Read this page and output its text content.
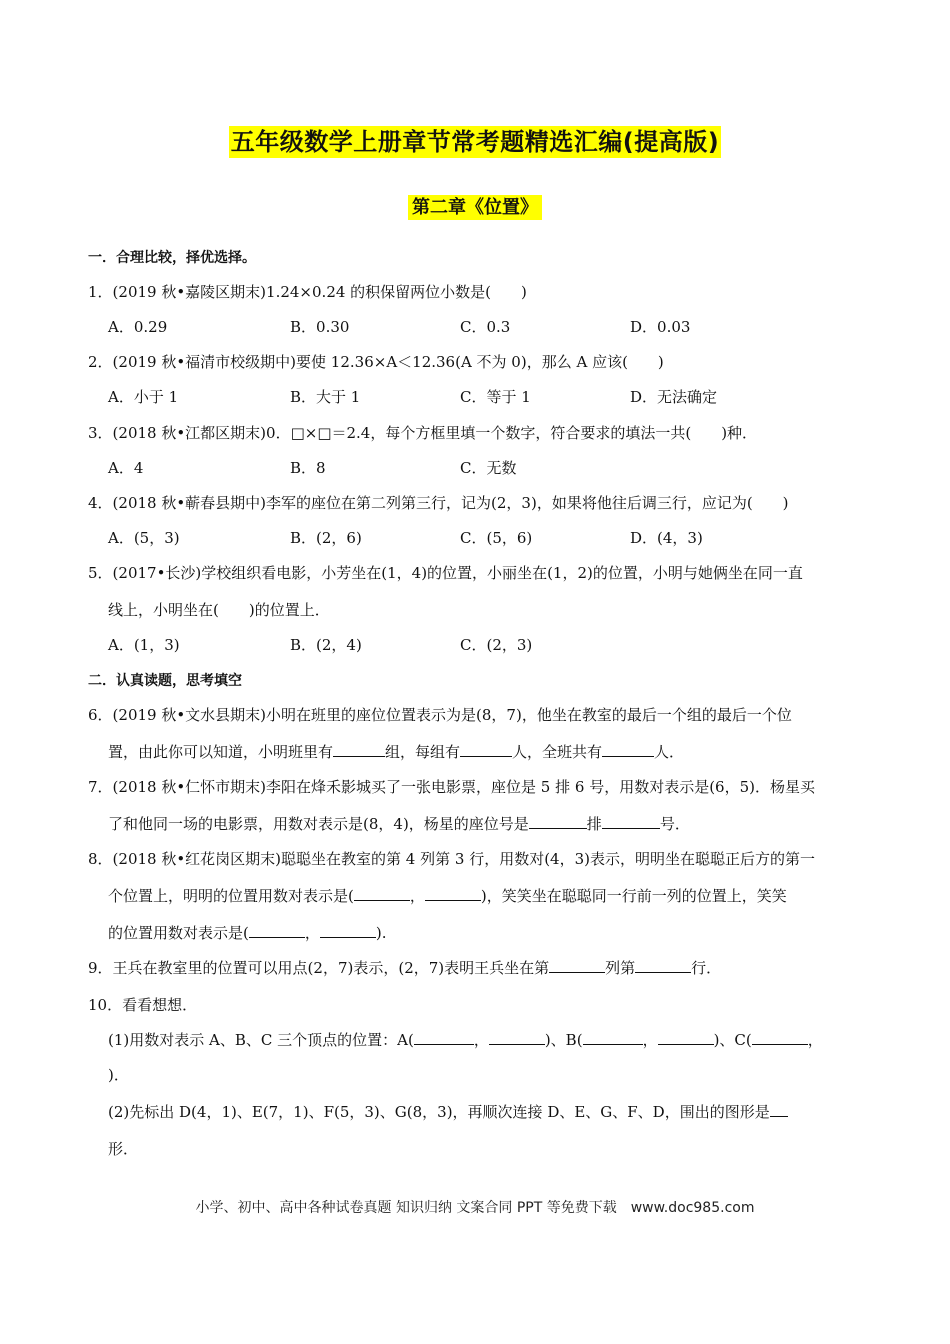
五年级数学上册章节常考题精选汇编(提高版)
第二章《位置》
一．合理比较，择优选择。
1．(2019 秋•嘉陵区期末)1.24×0.24 的积保留两位小数是(　　)
A．0.29	B．0.30	C．0.3	D．0.03
2．(2019 秋•福清市校级期中)要使 12.36×A＜12.36(A 不为 0)，那么 A 应该(　　)
A．小于 1	B．大于 1	C．等于 1	D．无法确定
3．(2018 秋•江都区期末)0．□×□＝2.4，每个方框里填一个数字，符合要求的填法一共(　　)种．
A．4	B．8	C．无数
4．(2018 秋•蕲春县期中)李军的座位在第二列第三行，记为(2，3)，如果将他往后调三行，应记为(　　)
A．(5，3)	B．(2，6)	C．(5，6)	D．(4，3)
5．(2017•长沙)学校组织看电影，小芳坐在(1，4)的位置，小丽坐在(1，2)的位置，小明与她俩坐在同一直
线上，小明坐在(　　)的位置上．
A．(1，3)	B．(2，4)	C．(2，3)
二．认真读题，思考填空
6．(2019 秋•文水县期末)小明在班里的座位位置表示为是(8，7)，他坐在教室的最后一个组的最后一个位
置，由此你可以知道，小明班里有	组，每组有	人，全班共有	人．
7．(2018 秋•仁怀市期末)李阳在烽禾影城买了一张电影票，座位是 5 排 6 号，用数对表示是(6，5)．杨星买
了和他同一场的电影票，用数对表示是(8，4)，杨星的座位号是	排	号．
8．(2018 秋•红花岗区期末)聪聪坐在教室的第 4 列第 3 行，用数对(4，3)表示，明明坐在聪聪正后方的第一
个位置上，明明的位置用数对表示是(	，	)，笑笑坐在聪聪同一行前一列的位置上，笑笑
的位置用数对表示是(	，	).
9．王兵在教室里的位置可以用点(2，7)表示，(2，7)表明王兵坐在第	列第	行．
10．看看想想．
(1)用数对表示 A、B、C 三个顶点的位置：A(	，	)、B(	，	)、C(	，
)．
(2)先标出 D(4，1)、E(7，1)、F(5，3)、G(8，3)，再顺次连接 D、E、G、F、D，围出的图形是
形．
小学、初中、高中各种试卷真题 知识归纳 文案合同 PPT 等免费下载　www.doc985.com
